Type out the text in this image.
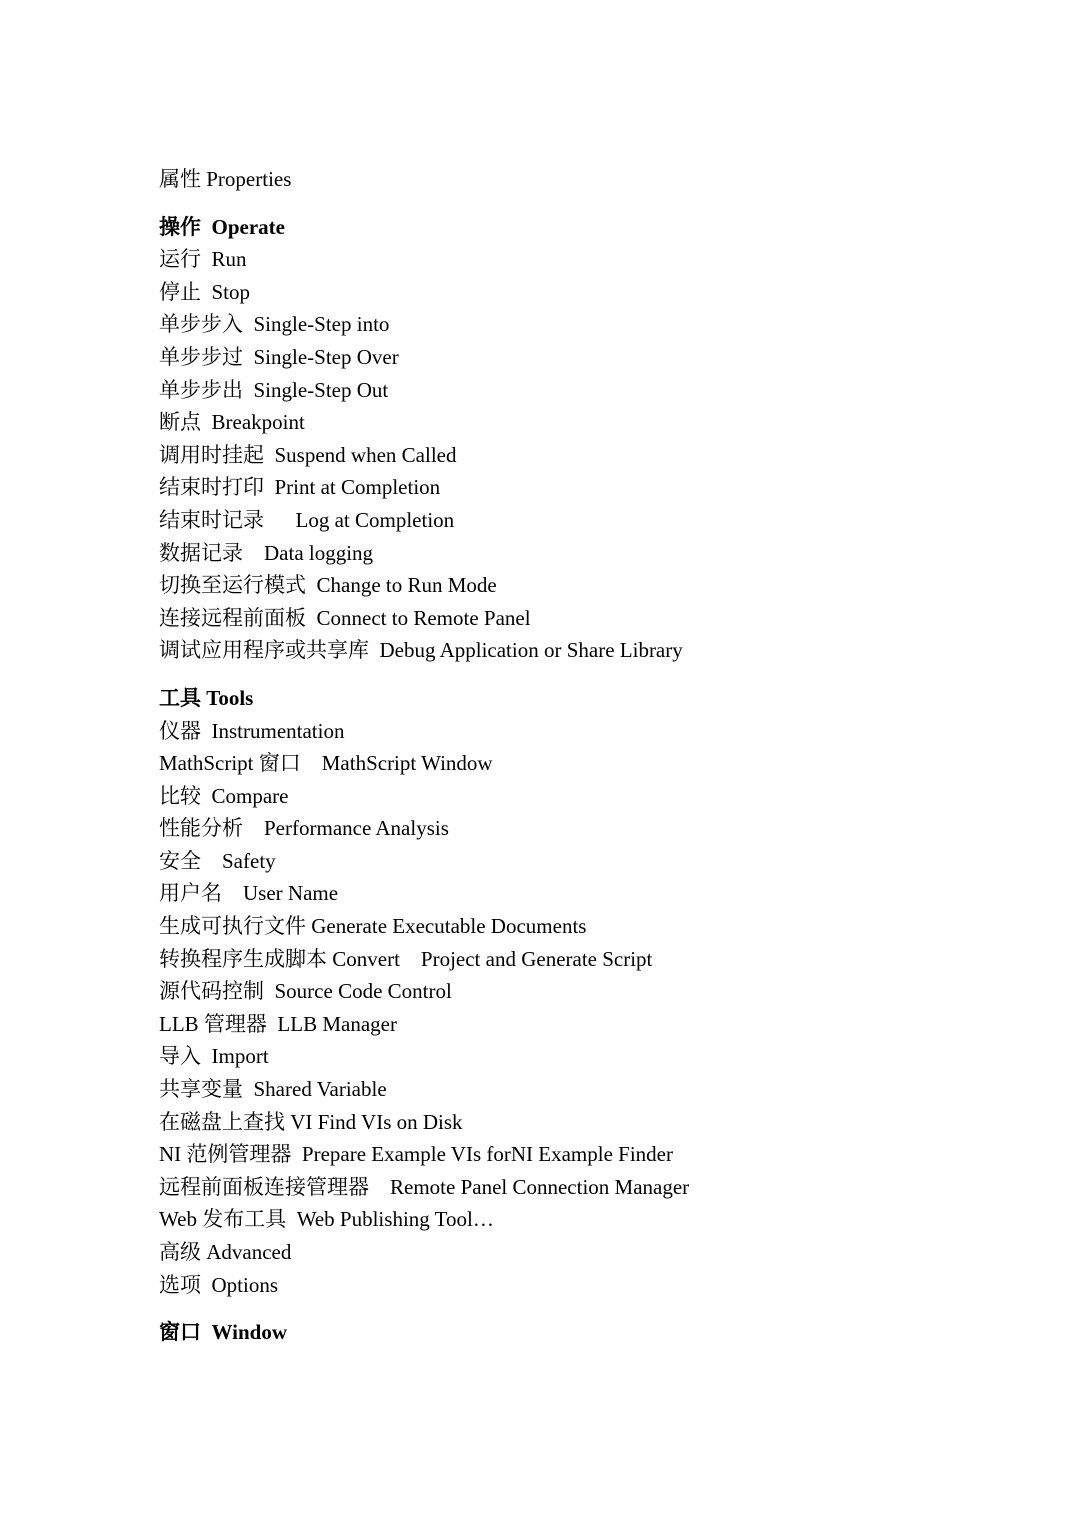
属性 Properties
操作  Operate
运行  Run
停止  Stop
单步步入  Single-Step into
单步步过  Single-Step Over
单步步出  Single-Step Out
断点  Breakpoint
调用时挂起  Suspend when Called
结束时打印  Print at Completion
结束时记录      Log at Completion
数据记录    Data logging
切换至运行模式  Change to Run Mode
连接远程前面板  Connect to Remote Panel
调试应用程序或共享库  Debug Application or Share Library
工具 Tools
仪器  Instrumentation
MathScript 窗口    MathScript Window
比较  Compare
性能分析    Performance Analysis
安全    Safety
用户名    User Name
生成可执行文件 Generate Executable Documents
转换程序生成脚本 Convert    Project and Generate Script
源代码控制  Source Code Control
LLB 管理器  LLB Manager
导入  Import
共享变量  Shared Variable
在磁盘上查找 VI Find VIs on Disk
NI 范例管理器  Prepare Example VIs forNI Example Finder
远程前面板连接管理器    Remote Panel Connection Manager
Web 发布工具  Web Publishing Tool…
高级 Advanced
选项  Options
窗口  Window
